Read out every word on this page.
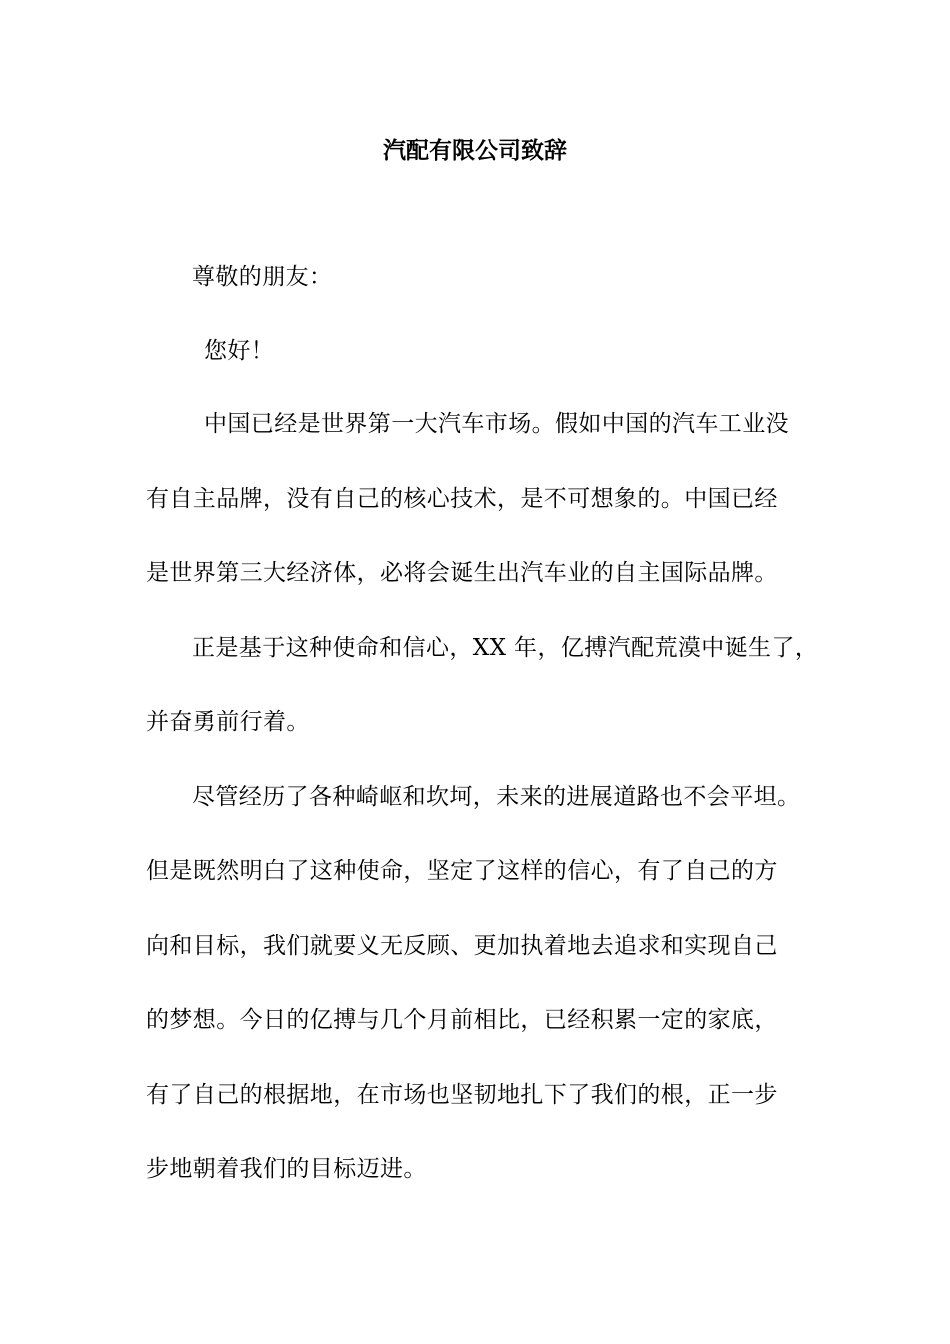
汽配有限公司致辞
尊敬的朋友：
您好！
中国已经是世界第一大汽车市场。假如中国的汽车工业没
有自主品牌，没有自己的核心技术，是不可想象的。中国已经
是世界第三大经济体，必将会诞生出汽车业的自主国际品牌。
正是基于这种使命和信心，XX 年，亿搏汽配荒漠中诞生了，
并奋勇前行着。
尽管经历了各种崎岖和坎坷，未来的进展道路也不会平坦。
但是既然明白了这种使命，坚定了这样的信心，有了自己的方
向和目标，我们就要义无反顾、更加执着地去追求和实现自己
的梦想。今日的亿搏与几个月前相比，已经积累一定的家底，
有了自己的根据地，在市场也坚韧地扎下了我们的根，正一步
步地朝着我们的目标迈进。
